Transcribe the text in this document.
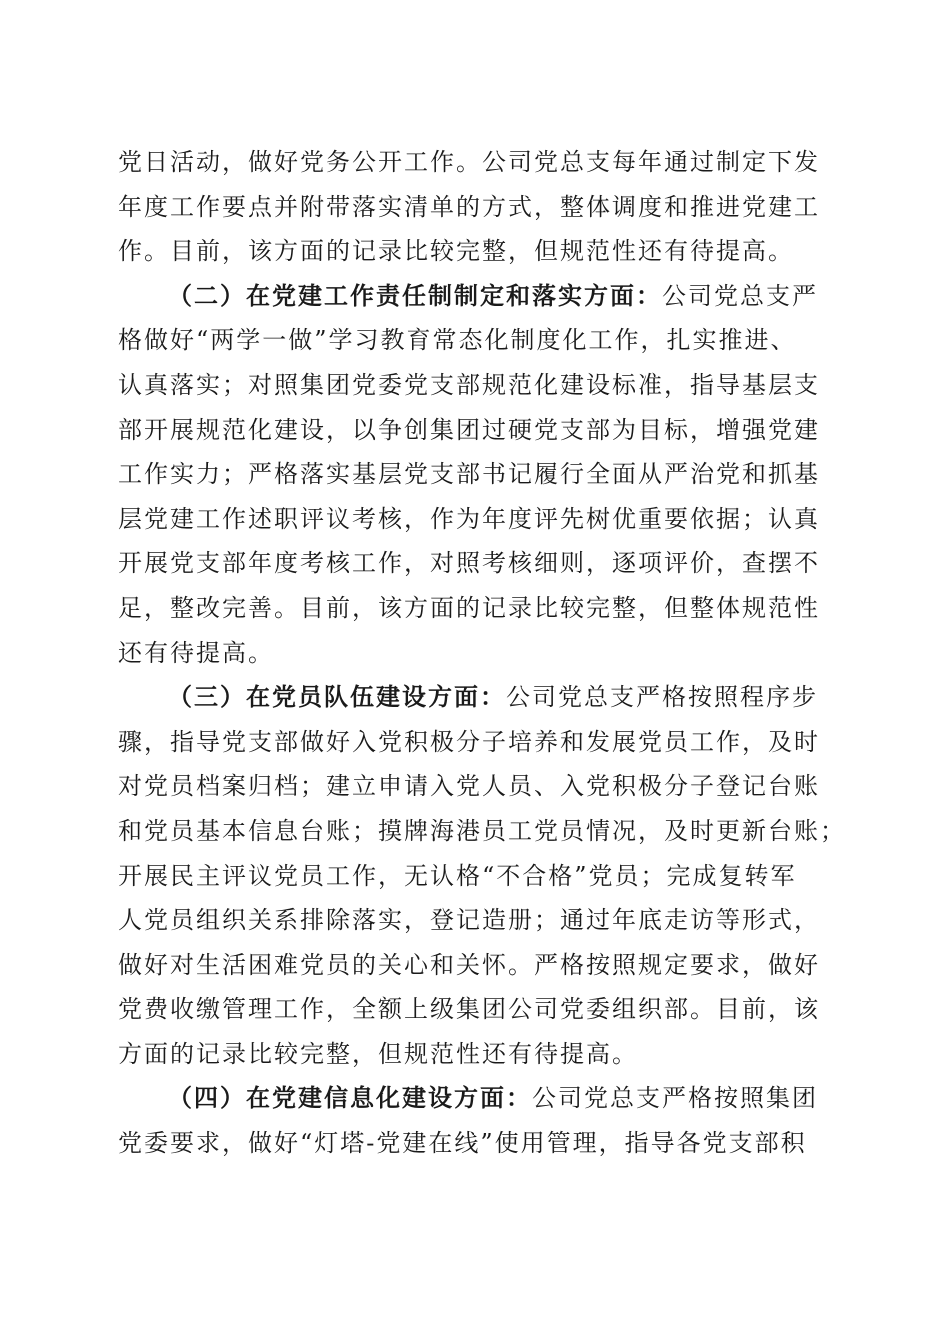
党日活动，做好党务公开工作。公司党总支每年通过制定下发
年度工作要点并附带落实清单的方式，整体调度和推进党建工
作。目前，该方面的记录比较完整，但规范性还有待提高。
（二）在党建工作责任制制定和落实方面：公司党总支严
格做好“两学一做”学习教育常态化制度化工作，扎实推进、
认真落实；对照集团党委党支部规范化建设标准，指导基层支
部开展规范化建设，以争创集团过硬党支部为目标，增强党建
工作实力；严格落实基层党支部书记履行全面从严治党和抓基
层党建工作述职评议考核，作为年度评先树优重要依据；认真
开展党支部年度考核工作，对照考核细则，逐项评价，查摆不
足，整改完善。目前，该方面的记录比较完整，但整体规范性
还有待提高。
（三）在党员队伍建设方面：公司党总支严格按照程序步
骤，指导党支部做好入党积极分子培养和发展党员工作，及时
对党员档案归档；建立申请入党人员、入党积极分子登记台账
和党员基本信息台账；摸牌海港员工党员情况，及时更新台账；
开展民主评议党员工作，无认格“不合格”党员；完成复转军
人党员组织关系排除落实，登记造册；通过年底走访等形式，
做好对生活困难党员的关心和关怀。严格按照规定要求，做好
党费收缴管理工作，全额上级集团公司党委组织部。目前，该
方面的记录比较完整，但规范性还有待提高。
（四）在党建信息化建设方面：公司党总支严格按照集团
党委要求，做好“灯塔-党建在线”使用管理，指导各党支部积
